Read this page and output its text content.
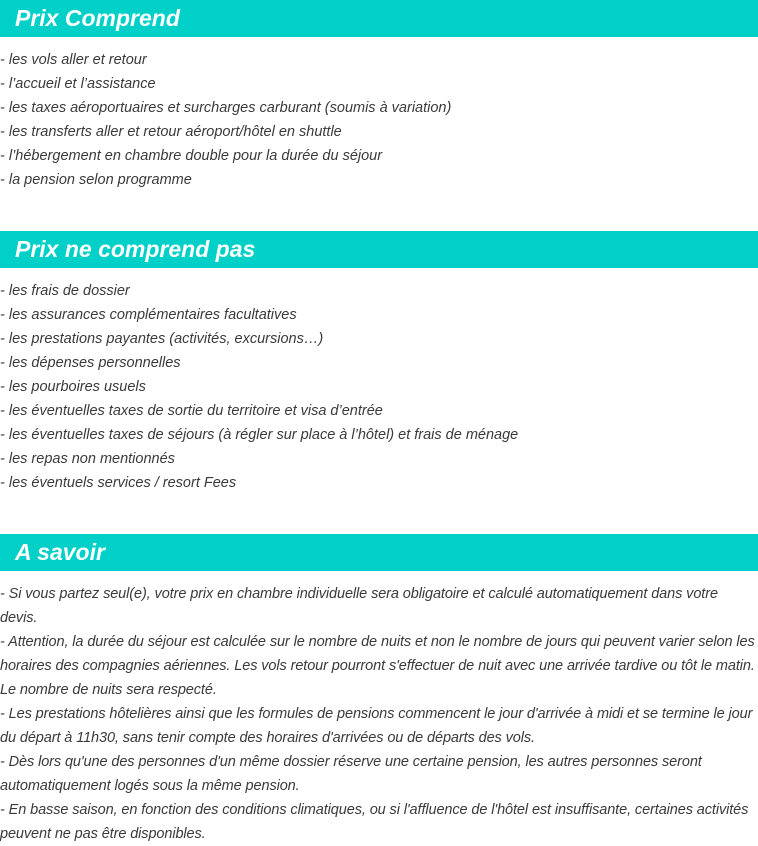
Prix Comprend
- les vols aller et retour
- l’accueil et l’assistance
- les taxes aéroportuaires et surcharges carburant (soumis à variation)
- les transferts aller et retour aéroport/hôtel en shuttle
- l’hébergement en chambre double pour la durée du séjour
- la pension selon programme
Prix ne comprend pas
- les frais de dossier
- les assurances complémentaires facultatives
- les prestations payantes (activités, excursions…)
- les dépenses personnelles
- les pourboires usuels
- les éventuelles taxes de sortie du territoire et visa d’entrée
- les éventuelles taxes de séjours (à régler sur place à l’hôtel) et frais de ménage
- les repas non mentionnés
- les éventuels services / resort Fees
A savoir
- Si vous partez seul(e), votre prix en chambre individuelle sera obligatoire et calculé automatiquement dans votre devis.
- Attention, la durée du séjour est calculée sur le nombre de nuits et non le nombre de jours qui peuvent varier selon les horaires des compagnies aériennes. Les vols retour pourront s'effectuer de nuit avec une arrivée tardive ou tôt le matin. Le nombre de nuits sera respecté.
- Les prestations hôtelières ainsi que les formules de pensions commencent le jour d'arrivée à midi et se termine le jour du départ à 11h30, sans tenir compte des horaires d'arrivées ou de départs des vols.
- Dès lors qu'une des personnes d'un même dossier réserve une certaine pension, les autres personnes seront automatiquement logés sous la même pension.
- En basse saison, en fonction des conditions climatiques, ou si l'affluence de l'hôtel est insuffisante, certaines activités peuvent ne pas être disponibles.
